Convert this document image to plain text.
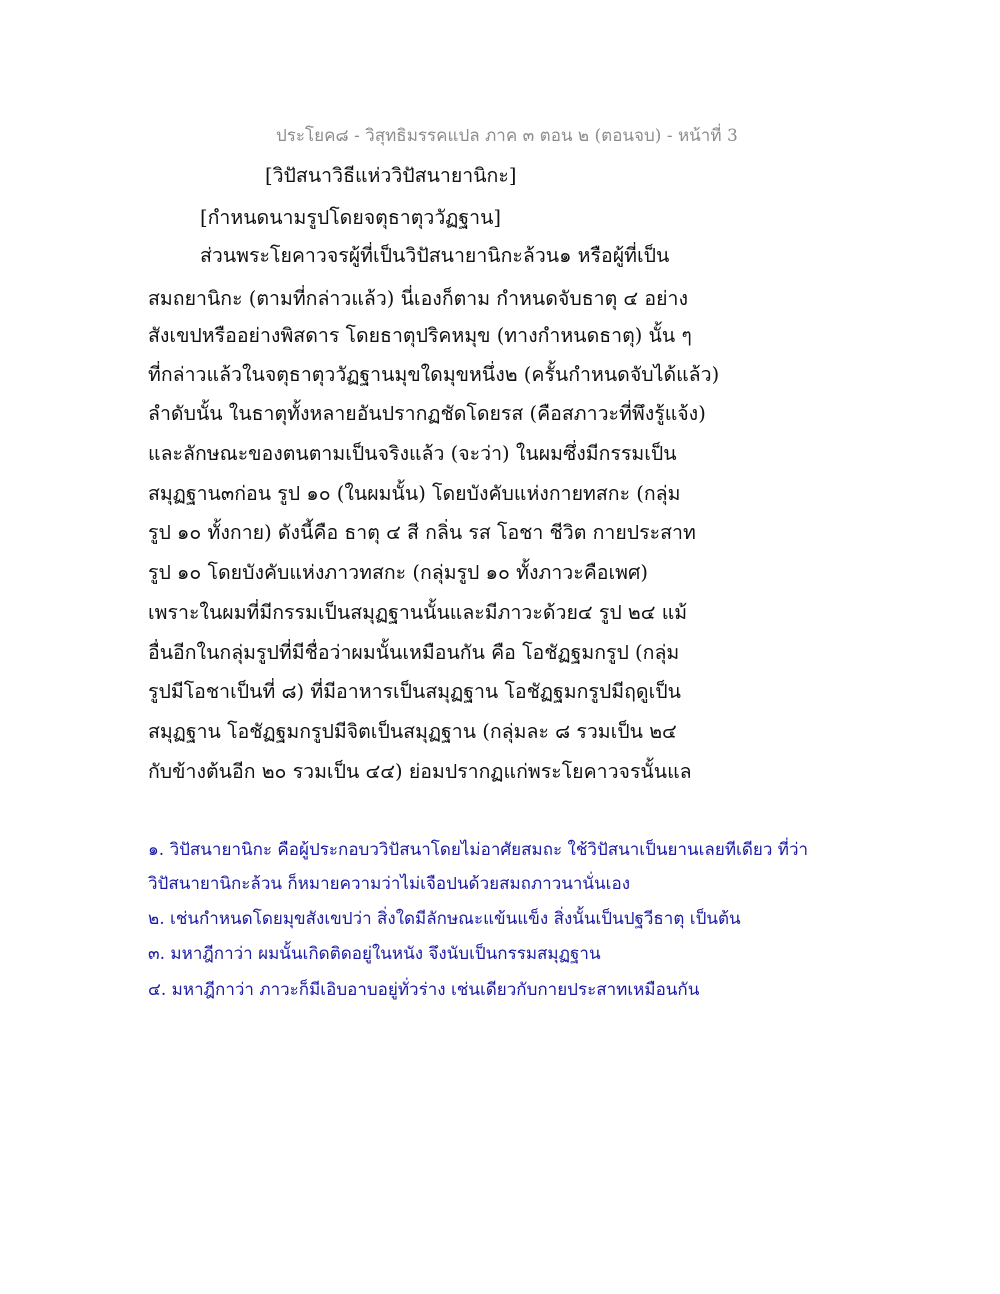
ประโยค๘ - วิสุทธิมรรคแปล ภาค ๓ ตอน ๒ (ตอนจบ) - หน้าที่ 3
[วิปัสนาวิธีแห่ววิปัสนายานิกะ]
[กำหนดนามรูปโดยจตุธาตุววัฏฐาน]
ส่วนพระโยคาวจรผู้ที่เป็นวิปัสนายานิกะล้วน๑ หรือผู้ที่เป็น
สมถยานิกะ (ตามที่กล่าวแล้ว) นี่เองก็ตาม กำหนดจับธาตุ ๔ อย่าง
สังเขปหรืออย่างพิสดาร โดยธาตุปริคหมุข (ทางกำหนดธาตุ) นั้น ๆ
ที่กล่าวแล้วในจตุธาตุววัฏฐานมุขใดมุขหนึ่ง๒ (ครั้นกำหนดจับได้แล้ว)
ลำดับนั้น ในธาตุทั้งหลายอันปรากฏชัดโดยรส (คือสภาวะที่พึงรู้แจ้ง)
และลักษณะของตนตามเป็นจริงแล้ว (จะว่า) ในผมซึ่งมีกรรมเป็น
สมุฏฐาน๓ก่อน รูป ๑๐ (ในผมนั้น) โดยบังคับแห่งกายทสกะ (กลุ่ม
รูป ๑๐ ทั้งกาย) ดังนี้คือ ธาตุ ๔ สี กลิ่น รส โอชา ชีวิต กายประสาท
รูป ๑๐ โดยบังคับแห่งภาวทสกะ (กลุ่มรูป ๑๐ ทั้งภาวะคือเพศ)
เพราะในผมที่มีกรรมเป็นสมุฏฐานนั้นและมีภาวะด้วย๔ รูป ๒๔ แม้
อื่นอีกในกลุ่มรูปที่มีชื่อว่าผมนั้นเหมือนกัน คือ โอชัฏฐมกรูป (กลุ่ม
รูปมีโอชาเป็นที่ ๘) ที่มีอาหารเป็นสมุฏฐาน โอชัฏฐมกรูปมีฤดูเป็น
สมุฏฐาน โอชัฏฐมกรูปมีจิตเป็นสมุฏฐาน (กลุ่มละ ๘ รวมเป็น ๒๔
กับข้างต้นอีก ๒๐ รวมเป็น ๔๔) ย่อมปรากฏแก่พระโยคาวจรนั้นแล
๑. วิปัสนายานิกะ คือผู้ประกอบววิปัสนาโดยไม่อาศัยสมถะ ใช้วิปัสนาเป็นยานเลยทีเดียว ที่ว่า
วิปัสนายานิกะล้วน ก็หมายความว่าไม่เจือปนด้วยสมถภาวนานั่นเอง
๒. เช่นกำหนดโดยมุขสังเขปว่า สิ่งใดมีลักษณะแข้นแข็ง สิ่งนั้นเป็นปฐวีธาตุ เป็นต้น
๓. มหาฎีกาว่า ผมนั้นเกิดติดอยู่ในหนัง จึงนับเป็นกรรมสมุฏฐาน
๔. มหาฎีกาว่า ภาวะก็มีเอิบอาบอยู่ทั่วร่าง เช่นเดียวกับกายประสาทเหมือนกัน
